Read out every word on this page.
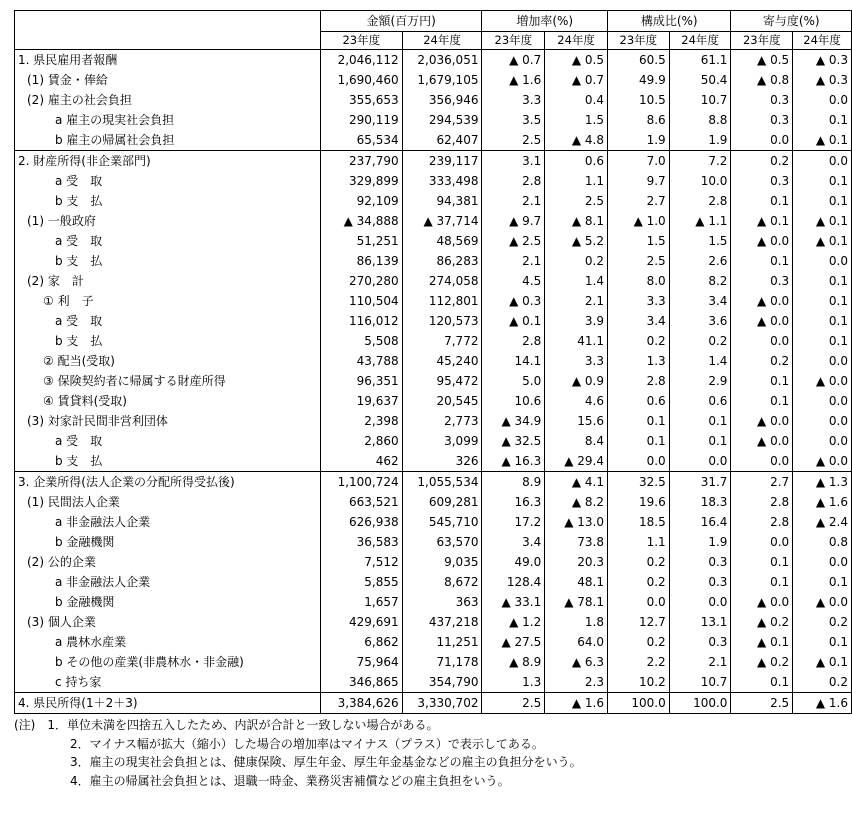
	金額(百万円)		増加率(%)		構成比(%)		寄与度(%)	
	23年度	24年度	23年度	24年度	23年度	24年度	23年度	24年度
1. 県民雇用者報酬	2,046,112	2,036,051	▲ 0.7	▲ 0.5	60.5	61.1	▲ 0.5	▲ 0.3
(1) 賃金・俸給	1,690,460	1,679,105	▲ 1.6	▲ 0.7	49.9	50.4	▲ 0.8	▲ 0.3
(2) 雇主の社会負担	355,653	356,946	3.3	0.4	10.5	10.7	0.3	0.0
a 雇主の現実社会負担	290,119	294,539	3.5	1.5	8.6	8.8	0.3	0.1
b 雇主の帰属社会負担	65,534	62,407	2.5	▲ 4.8	1.9	1.9	0.0	▲ 0.1
2. 財産所得(非企業部門)	237,790	239,117	3.1	0.6	7.0	7.2	0.2	0.0
a 受　取	329,899	333,498	2.8	1.1	9.7	10.0	0.3	0.1
b 支　払	92,109	94,381	2.1	2.5	2.7	2.8	0.1	0.1
(1) 一般政府	▲ 34,888	▲ 37,714	▲ 9.7	▲ 8.1	▲ 1.0	▲ 1.1	▲ 0.1	▲ 0.1
a 受　取	51,251	48,569	▲ 2.5	▲ 5.2	1.5	1.5	▲ 0.0	▲ 0.1
b 支　払	86,139	86,283	2.1	0.2	2.5	2.6	0.1	0.0
(2) 家　計	270,280	274,058	4.5	1.4	8.0	8.2	0.3	0.1
① 利　子	110,504	112,801	▲ 0.3	2.1	3.3	3.4	▲ 0.0	0.1
a 受　取	116,012	120,573	▲ 0.1	3.9	3.4	3.6	▲ 0.0	0.1
b 支　払	5,508	7,772	2.8	41.1	0.2	0.2	0.0	0.1
② 配当(受取)	43,788	45,240	14.1	3.3	1.3	1.4	0.2	0.0
③ 保険契約者に帰属する財産所得	96,351	95,472	5.0	▲ 0.9	2.8	2.9	0.1	▲ 0.0
④ 賃貸料(受取)	19,637	20,545	10.6	4.6	0.6	0.6	0.1	0.0
(3) 対家計民間非営利団体	2,398	2,773	▲ 34.9	15.6	0.1	0.1	▲ 0.0	0.0
a 受　取	2,860	3,099	▲ 32.5	8.4	0.1	0.1	▲ 0.0	0.0
b 支　払	462	326	▲ 16.3	▲ 29.4	0.0	0.0	0.0	▲ 0.0
3. 企業所得(法人企業の分配所得受払後)	1,100,724	1,055,534	8.9	▲ 4.1	32.5	31.7	2.7	▲ 1.3
(1) 民間法人企業	663,521	609,281	16.3	▲ 8.2	19.6	18.3	2.8	▲ 1.6
a 非金融法人企業	626,938	545,710	17.2	▲ 13.0	18.5	16.4	2.8	▲ 2.4
b 金融機関	36,583	63,570	3.4	73.8	1.1	1.9	0.0	0.8
(2) 公的企業	7,512	9,035	49.0	20.3	0.2	0.3	0.1	0.0
a 非金融法人企業	5,855	8,672	128.4	48.1	0.2	0.3	0.1	0.1
b 金融機関	1,657	363	▲ 33.1	▲ 78.1	0.0	0.0	▲ 0.0	▲ 0.0
(3) 個人企業	429,691	437,218	▲ 1.2	1.8	12.7	13.1	▲ 0.2	0.2
a 農林水産業	6,862	11,251	▲ 27.5	64.0	0.2	0.3	▲ 0.1	0.1
b その他の産業(非農林水・非金融)	75,964	71,178	▲ 8.9	▲ 6.3	2.2	2.1	▲ 0.2	▲ 0.1
c 持ち家	346,865	354,790	1.3	2.3	10.2	10.7	0.1	0.2
4. 県民所得(1＋2＋3)	3,384,626	3,330,702	2.5	▲ 1.6	100.0	100.0	2.5	▲ 1.6
(注)　1．単位未満を四捨五入したため、内訳が合計と一致しない場合がある。
2．マイナス幅が拡大（縮小）した場合の増加率はマイナス（プラス）で表示してある。
3．雇主の現実社会負担とは、健康保険、厚生年金、厚生年金基金などの雇主の負担分をいう。
4．雇主の帰属社会負担とは、退職一時金、業務災害補償などの雇主負担をいう。
